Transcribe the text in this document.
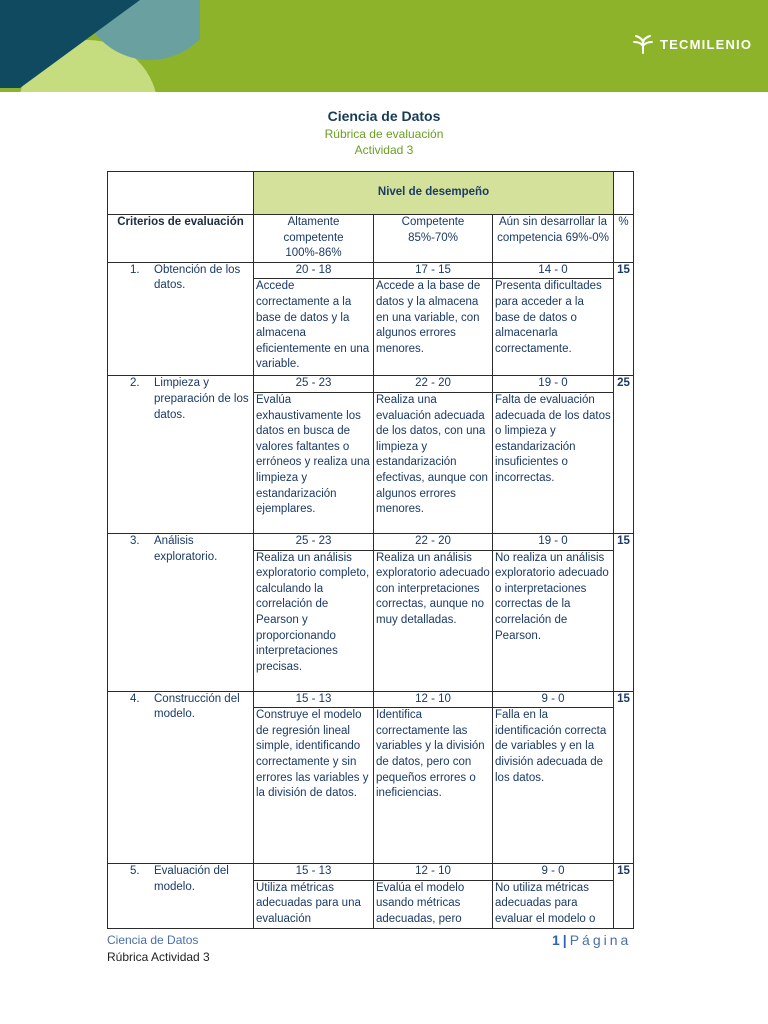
TECMILENIO
Ciencia de Datos
Rúbrica de evaluación
Actividad 3
	Nivel de desempeño			
Criterios de evaluación	Altamente competente 100%-86%	Competente 85%-70%	Aún sin desarrollar la competencia 69%-0%	%

1. Obtención de los datos.	20 - 18	17 - 15	14 - 0	15
	Accede correctamente a la base de datos y la almacena eficientemente en una variable.	Accede a la base de datos y la almacena en una variable, con algunos errores menores.	Presenta dificultades para acceder a la base de datos o almacenarla correctamente.	

2. Limpieza y preparación de los datos.	25 - 23	22 - 20	19 - 0	25
	Evalúa exhaustivamente los datos en busca de valores faltantes o erróneos y realiza una limpieza y estandarización ejemplares.	Realiza una evaluación adecuada de los datos, con una limpieza y estandarización efectivas, aunque con algunos errores menores.	Falta de evaluación adecuada de los datos o limpieza y estandarización insuficientes o incorrectas.	

3. Análisis exploratorio.	25 - 23	22 - 20	19 - 0	15
	Realiza un análisis exploratorio completo, calculando la correlación de Pearson y proporcionando interpretaciones precisas.	Realiza un análisis exploratorio adecuado con interpretaciones correctas, aunque no muy detalladas.	No realiza un análisis exploratorio adecuado o interpretaciones correctas de la correlación de Pearson.	

4. Construcción del modelo.	15 - 13	12 - 10	9 - 0	15
	Construye el modelo de regresión lineal simple, identificando correctamente y sin errores las variables y la división de datos.	Identifica correctamente las variables y la división de datos, pero con pequeños errores o ineficiencias.	Falla en la identificación correcta de variables y en la división adecuada de los datos.	

5. Evaluación del modelo.	15 - 13	12 - 10	9 - 0	15
	Utiliza métricas adecuadas para una evaluación	Evalúa el modelo usando métricas adecuadas, pero	No utiliza métricas adecuadas para evaluar el modelo o	
Ciencia de Datos
Rúbrica Actividad 3
1|Página
